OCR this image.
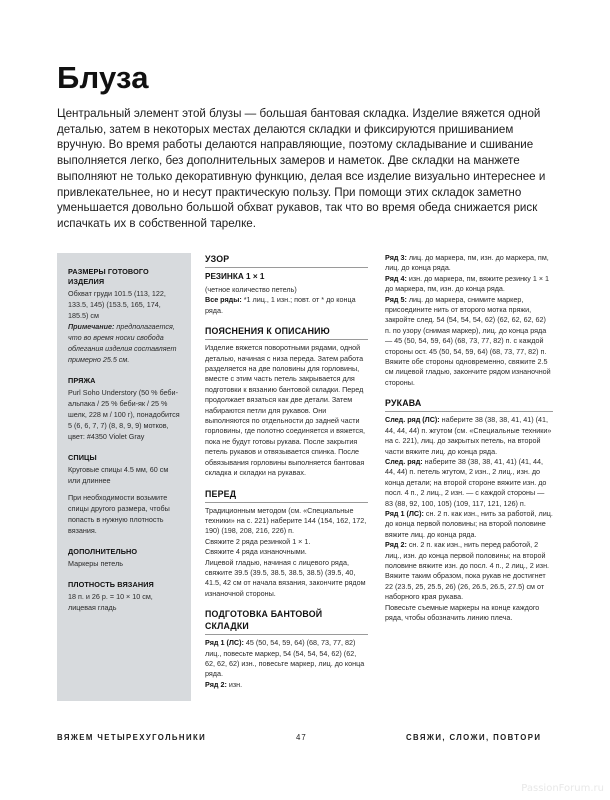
Блуза

Центральный элемент этой блузы — большая бантовая складка. Изделие вяжется одной деталью, затем в некоторых местах делаются складки и фиксируются пришиванием вручную. Во время работы делаются направляющие, поэтому складывание и сшивание выполняется легко, без дополнительных замеров и наметок. Две складки на манжете выполняют не только декоративную функцию, делая все изделие визуально интереснее и привлекательнее, но и несут практическую пользу. При помощи этих складок заметно уменьшается довольно большой обхват рукавов, так что во время обеда снижается риск испачкать их в собственной тарелке.

РАЗМЕРЫ ГОТОВОГО ИЗДЕЛИЯ

Обхват груди 101.5 (113, 122, 133.5, 145) (153.5, 165, 174, 185.5) см

Примечание: предполагается, что во время носки свобода облегания изделия составляет примерно 25.5 см.

ПРЯЖА

Purl Soho Understory (50 % беби-альпака / 25 % беби-як / 25 % шелк, 228 м / 100 г), понадобится 5 (6, 6, 7, 7) (8, 8, 9, 9) мотков, цвет: #4350 Violet Gray

СПИЦЫ

Круговые спицы 4.5 мм, 60 см или длиннее

При необходимости возьмите спицы другого размера, чтобы попасть в нужную плотность вязания.

ДОПОЛНИТЕЛЬНО

Маркеры петель

ПЛОТНОСТЬ ВЯЗАНИЯ

18 п. и 26 р. = 10 × 10 см, лицевая гладь

УЗОР
РЕЗИНКА 1 × 1

(четное количество петель)

Все ряды: *1 лиц., 1 изн.; повт. от * до конца ряда.

ПОЯСНЕНИЯ К ОПИСАНИЮ

Изделие вяжется поворотными рядами, одной деталью, начиная с низа переда. Затем работа разделяется на две половины для горловины, вместе с этим часть петель закрывается для подготовки к вязанию бантовой складки. Перед продолжает вязаться как две детали. Затем набираются петли для рукавов. Они выполняются по отдельности до задней части горловины, где полотно соединяется и вяжется, пока не будут готовы рукава. После закрытия петель рукавов и отвязывается спинка. После обвязывания горловины выполняется бантовая складка и складки на рукавах.

ПЕРЕД

Традиционным методом (см. «Специальные техники» на с. 221) наберите 144 (154, 162, 172, 190) (198, 208, 216, 226) п.

Свяжите 2 ряда резинкой 1 × 1.

Свяжите 4 ряда изнаночными.

Лицевой гладью, начиная с лицевого ряда, свяжите 39.5 (39.5, 38.5, 38.5, 38.5) (39.5, 40, 41.5, 42 см от начала вязания, закончите рядом изнаночной стороны.

ПОДГОТОВКА БАНТОВОЙ СКЛАДКИ

Ряд 1 (ЛС): 45 (50, 54, 59, 64) (68, 73, 77, 82) лиц., повесьте маркер, 54 (54, 54, 54, 62) (62, 62, 62, 62) изн., повесьте маркер, лиц. до конца ряда.

Ряд 2: изн.

Ряд 3: лиц. до маркера, пм, изн. до маркера, пм, лиц. до конца ряда.

Ряд 4: изн. до маркера, пм, вяжите резинку 1 × 1 до маркера, пм, изн. до конца ряда.

Ряд 5: лиц. до маркера, снимите маркер, присоедините нить от второго мотка пряжи, закройте след. 54 (54, 54, 54, 62) (62, 62, 62, 62) п. по узору (снимая маркер), лиц. до конца ряда — 45 (50, 54, 59, 64) (68, 73, 77, 82) п. с каждой стороны ост. 45 (50, 54, 59, 64) (68, 73, 77, 82) п.

Вяжите обе стороны одновременно, свяжите 2.5 см лицевой гладью, закончите рядом изнаночной стороны.

РУКАВА

След. ряд (ЛС): наберите 38 (38, 38, 41, 41) (41, 44, 44, 44) п. жгутом (см. «Специальные техники» на с. 221), лиц. до закрытых петель, на второй части вяжите лиц. до конца ряда.

След. ряд: наберите 38 (38, 38, 41, 41) (41, 44, 44, 44) п. петель жгутом, 2 изн., 2 лиц., изн. до конца детали; на второй стороне вяжите изн. до посл. 4 п., 2 лиц., 2 изн. — с каждой стороны — 83 (88, 92, 100, 105) (109, 117, 121, 126) п.

Ряд 1 (ЛС): сн. 2 п. как изн., нить за работой, лиц. до конца первой половины; на второй половине вяжите лиц. до конца ряда.

Ряд 2: сн. 2 п. как изн., нить перед работой, 2 лиц., изн. до конца первой половины; на второй половине вяжите изн. до посл. 4 п., 2 лиц., 2 изн.

Вяжите таким образом, пока рукав не достигнет 22 (23.5, 25, 25.5, 26) (26, 26.5, 26.5, 27.5) см от наборного края рукава.

Повесьте съемные маркеры на конце каждого ряда, чтобы обозначить линию плеча.

ВЯЖЕМ ЧЕТЫРЕХУГОЛЬНИКИ	47	СВЯЖИ, СЛОЖИ, ПОВТОРИ
PassionForum.ru
